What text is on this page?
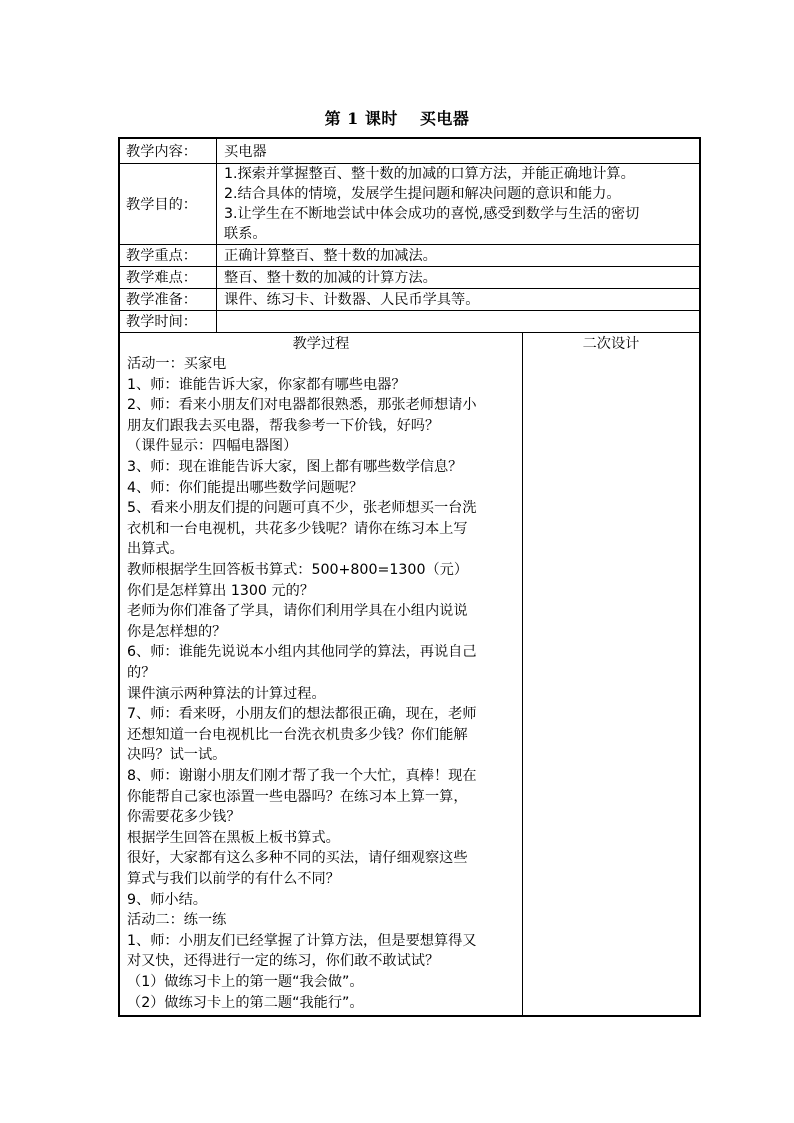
第 1 课时 买电器
教学内容：
教学目的：
教学重点：
教学难点：
教学准备：
教学时间：
买电器
1.探索并掌握整百、整十数的加减的口算方法，并能正确地计算。
2.结合具体的情境，发展学生提问题和解决问题的意识和能力。
3.让学生在不断地尝试中体会成功的喜悦,感受到数学与生活的密切
联系。
正确计算整百、整十数的加减法。
整百、整十数的加减的计算方法。
课件、练习卡、计数器、人民币学具等。
教学过程	二次设计
活动一：买家电
1、师：谁能告诉大家，你家都有哪些电器？
2、师：看来小朋友们对电器都很熟悉，那张老师想请小
朋友们跟我去买电器，帮我参考一下价钱，好吗？
（课件显示：四幅电器图）
3、师：现在谁能告诉大家，图上都有哪些数学信息？
4、师：你们能提出哪些数学问题呢？
5、看来小朋友们提的问题可真不少，张老师想买一台洗
衣机和一台电视机，共花多少钱呢？请你在练习本上写
出算式。
教师根据学生回答板书算式：500+800=1300（元）
你们是怎样算出 1300 元的？
老师为你们准备了学具，请你们利用学具在小组内说说
你是怎样想的？
6、师：谁能先说说本小组内其他同学的算法，再说自己
的？
课件演示两种算法的计算过程。
7、师：看来呀，小朋友们的想法都很正确，现在，老师
还想知道一台电视机比一台洗衣机贵多少钱？你们能解
决吗？试一试。
8、师：谢谢小朋友们刚才帮了我一个大忙，真棒！现在
你能帮自己家也添置一些电器吗？在练习本上算一算，
你需要花多少钱？
根据学生回答在黑板上板书算式。
很好，大家都有这么多种不同的买法，请仔细观察这些
算式与我们以前学的有什么不同？
9、师小结。
活动二：练一练
1、师：小朋友们已经掌握了计算方法，但是要想算得又
对又快，还得进行一定的练习，你们敢不敢试试？
（1）做练习卡上的第一题“我会做”。
（2）做练习卡上的第二题“我能行”。
